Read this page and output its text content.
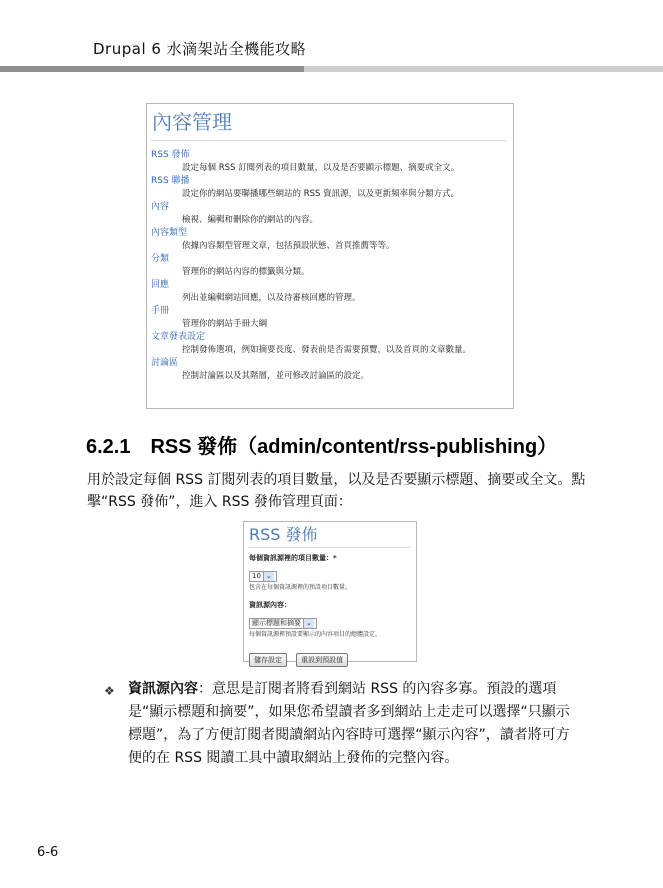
Drupal 6 水滴架站全機能攻略
內容管理
RSS 發佈
設定每個 RSS 訂閱列表的項目數量，以及是否要顯示標題、摘要或全文。
RSS 聯播
設定你的網站要聯播哪些網站的 RSS 資訊源，以及更新頻率與分類方式。
內容
檢視、編輯和刪除你的網站的內容。
內容類型
依據內容類型管理文章，包括預設狀態、首頁推薦等等。
分類
管理你的網站內容的標籤與分類。
回應
列出並編輯網站回應，以及待審核回應的管理。
手冊
管理你的網站手冊大綱
文章發表設定
控制發佈選項，例如摘要長度、發表前是否需要預覽，以及首頁的文章數量。
討論區
控制討論區以及其階層，並可修改討論區的設定。
6.2.1 RSS 發佈（admin/content/rss-publishing）
用於設定每個 RSS 訂閱列表的項目數量，以及是否要顯示標題、摘要或全文。點擊“RSS 發佈”，進入 RSS 發佈管理頁面：
RSS 發佈
每個資訊源裡的項目數量：*
10 ⌄
包含在每個資訊源裡的預設項目數量。
資訊源內容：
顯示標題和摘要 ⌄
每個資訊源裡預設要顯示的內容項目的總體設定。
儲存設定	重設到預設值
❖ 資訊源內容：意思是訂閱者將看到網站 RSS 的內容多寡。預設的選項是“顯示標題和摘要”，如果您希望讀者多到網站上走走可以選擇“只顯示標題”，為了方便訂閱者閱讀網站內容時可選擇“顯示內容”，讀者將可方便的在 RSS 閱讀工具中讀取網站上發佈的完整內容。
6-6
